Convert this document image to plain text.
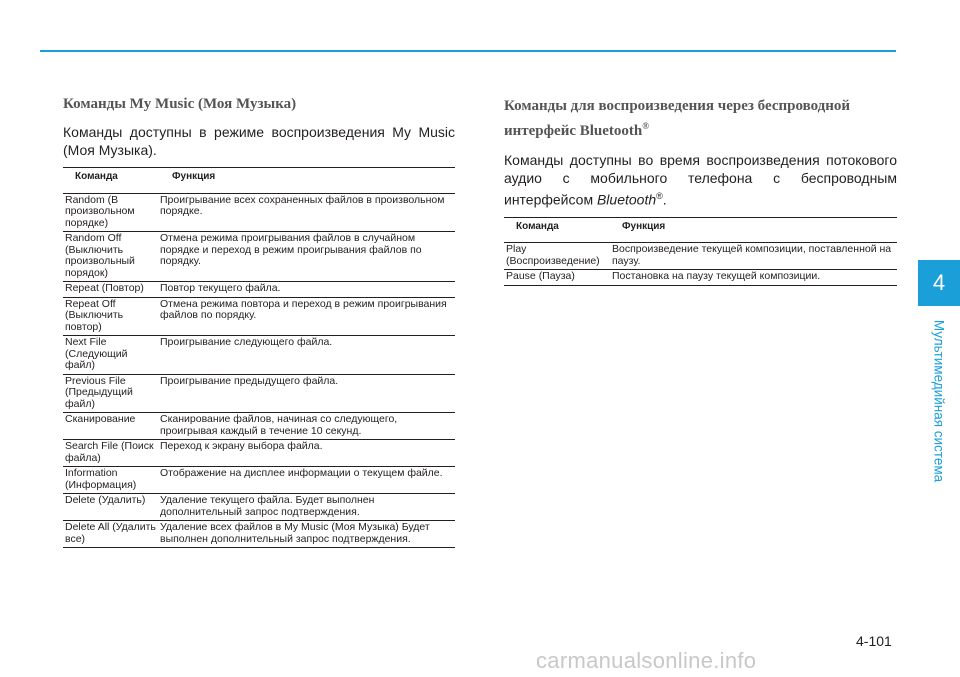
Команды My Music (Моя Музыка)

Команды доступны в режиме воспроизведения My Music (Моя Музыка).

Команда	Функция
Random (В произвольном порядке)	Проигрывание всех сохраненных файлов в произвольном порядке.
Random Off (Выключить произвольный порядок)	Отмена режима проигрывания файлов в случайном порядке и переход в режим проигрывания файлов по порядку.
Repeat (Повтор)	Повтор текущего файла.
Repeat Off (Выключить повтор)	Отмена режима повтора и переход в режим проигрывания файлов по порядку.
Next File (Следующий файл)	Проигрывание следующего файла.
Previous File (Предыдущий файл)	Проигрывание предыдущего файла.
Сканирование	Сканирование файлов, начиная со следующего, проигрывая каждый в течение 10 секунд.
Search File (Поиск файла)	Переход к экрану выбора файла.
Information (Информация)	Отображение на дисплее информации о текущем файле.
Delete (Удалить)	Удаление текущего файла. Будет выполнен дополнительный запрос подтверждения.
Delete All (Удалить все)	Удаление всех файлов в My Music (Моя Музыка) Будет выполнен дополнительный запрос подтверждения.
Команды для воспроизведения через беспроводной
интерфейс Bluetooth®

Команды доступны во время воспроизведения потокового аудио с мобильного телефона с беспроводным интерфейсом Bluetooth®.

Команда	Функция
Play (Воспроизведение)	Воспроизведение текущей композиции, поставленной на паузу.
Pause (Пауза)	Постановка на паузу текущей композиции.	4
Мультимедийная система
4-101
carmanualsonline.info
